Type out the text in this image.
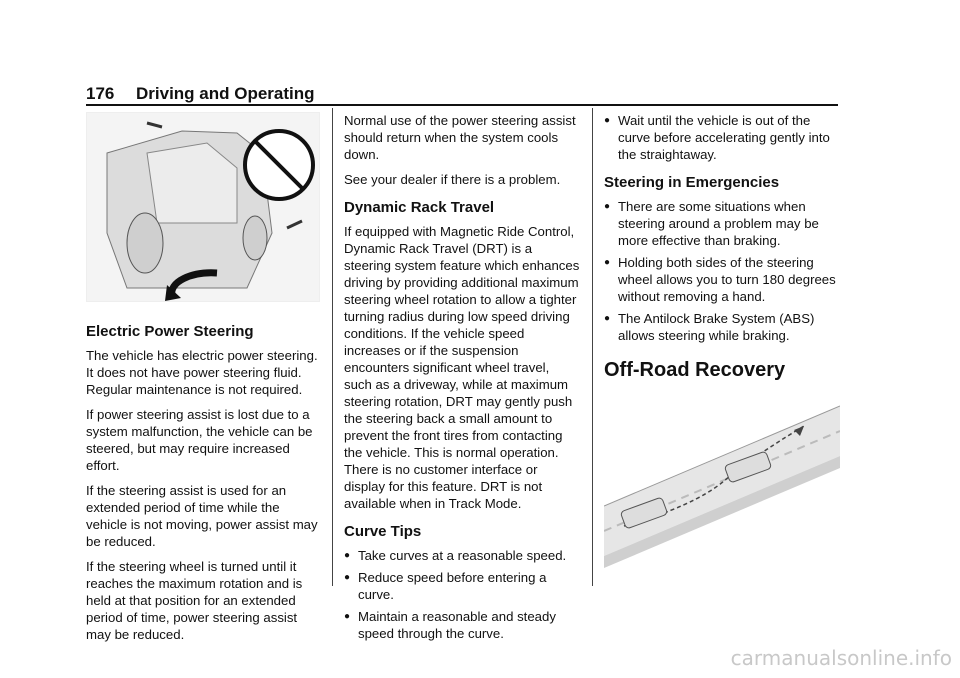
176 Driving and Operating
Electric Power Steering

The vehicle has electric power steering. It does not have power steering fluid. Regular maintenance is not required.

If power steering assist is lost due to a system malfunction, the vehicle can be steered, but may require increased effort.

If the steering assist is used for an extended period of time while the vehicle is not moving, power assist may be reduced.

If the steering wheel is turned until it reaches the maximum rotation and is held at that position for an extended period of time, power steering assist may be reduced.

Normal use of the power steering assist should return when the system cools down.

See your dealer if there is a problem.

Dynamic Rack Travel

If equipped with Magnetic Ride Control, Dynamic Rack Travel (DRT) is a steering system feature which enhances driving by providing additional maximum steering wheel rotation to allow a tighter turning radius during low speed driving conditions. If the vehicle speed increases or if the suspension encounters significant wheel travel, such as a driveway, while at maximum steering rotation, DRT may gently push the steering back a small amount to prevent the front tires from contacting the vehicle. This is normal operation. There is no customer interface or display for this feature. DRT is not available when in Track Mode.

Curve Tips
● Take curves at a reasonable speed.
● Reduce speed before entering a curve.
● Maintain a reasonable and steady speed through the curve.
● Wait until the vehicle is out of the curve before accelerating gently into the straightaway.
Steering in Emergencies
● There are some situations when steering around a problem may be more effective than braking.
● Holding both sides of the steering wheel allows you to turn 180 degrees without removing a hand.
● The Antilock Brake System (ABS) allows steering while braking.
Off-Road Recovery
carmanualsonline.info
